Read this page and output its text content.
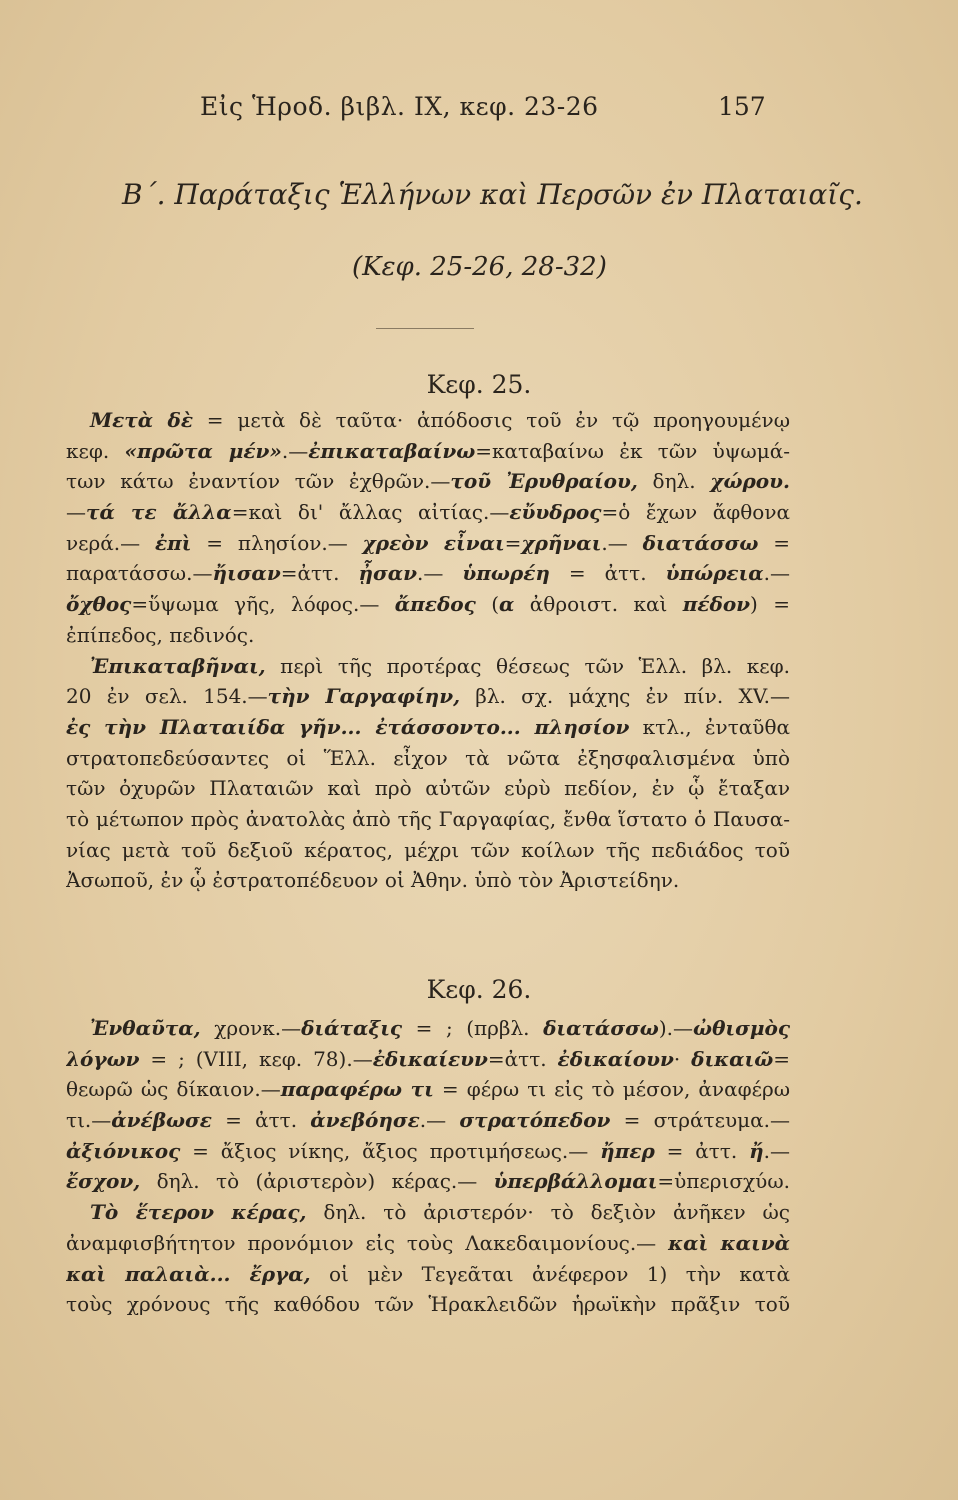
Εἰς Ἡροδ. βιβλ. IX, κεφ. 23-26	157
Β΄. Παράταξις Ἑλλήνων καὶ Περσῶν ἐν Πλαταιαῖς.
(Κεφ. 25-26, 28-32)
Κεφ. 25.
Μετὰ δὲ = μετὰ δὲ ταῦτα· ἀπόδοσις τοῦ ἐν τῷ προηγουμένῳ
κεφ. «πρῶτα μέν».—ἐπικαταβαίνω=καταβαίνω ἐκ τῶν ὑψωμά-
των κάτω ἐναντίον τῶν ἐχθρῶν.—τοῦ Ἐρυθραίου, δηλ. χώρου.
—τά τε ἄλλα=καὶ δι' ἄλλας αἰτίας.—εὔυδρος=ὁ ἔχων ἄφθονα
νερά.— ἐπὶ = πλησίον.— χρεὸν εἶναι=χρῆναι.— διατάσσω =
παρατάσσω.—ἤισαν=ἀττ. ᾖσαν.— ὑπωρέη = ἀττ. ὑπώρεια.—
ὄχθος=ὕψωμα γῆς, λόφος.— ἄπεδος (α ἀθροιστ. καὶ πέδον) =
ἐπίπεδος, πεδινός.
Ἐπικαταβῆναι, περὶ τῆς προτέρας θέσεως τῶν Ἑλλ. βλ. κεφ.
20 ἐν σελ. 154.—τὴν Γαργαφίην, βλ. σχ. μάχης ἐν πίν. XV.—
ἐς τὴν Πλαταιίδα γῆν... ἐτάσσοντο... πλησίον κτλ., ἐνταῦθα
στρατοπεδεύσαντες οἱ Ἕλλ. εἶχον τὰ νῶτα ἐξησφαλισμένα ὑπὸ
τῶν ὀχυρῶν Πλαταιῶν καὶ πρὸ αὐτῶν εὐρὺ πεδίον, ἐν ᾧ ἔταξαν
τὸ μέτωπον πρὸς ἀνατολὰς ἀπὸ τῆς Γαργαφίας, ἔνθα ἵστατο ὁ Παυσα-
νίας μετὰ τοῦ δεξιοῦ κέρατος, μέχρι τῶν κοίλων τῆς πεδιάδος τοῦ
Ἀσωποῦ, ἐν ᾧ ἐστρατοπέδευον οἱ Ἀθην. ὑπὸ τὸν Ἀριστείδην.
Κεφ. 26.
Ἐνθαῦτα, χρονκ.—διάταξις = ; (πρβλ. διατάσσω).—ὠθισμὸς
λόγων = ; (VIII, κεφ. 78).—ἐδικαίευν=ἀττ. ἐδικαίουν· δικαιῶ=
θεωρῶ ὡς δίκαιον.—παραφέρω τι = φέρω τι εἰς τὸ μέσον, ἀναφέρω
τι.—ἀνέβωσε = ἀττ. ἀνεβόησε.— στρατόπεδον = στράτευμα.—
ἀξιόνικος = ἄξιος νίκης, ἄξιος προτιμήσεως.— ἤπερ = ἀττ. ἤ.—
ἔσχον, δηλ. τὸ (ἀριστερὸν) κέρας.— ὑπερβάλλομαι=ὑπερισχύω.
Τὸ ἕτερον κέρας, δηλ. τὸ ἀριστερόν· τὸ δεξιὸν ἀνῆκεν ὡς
ἀναμφισβήτητον προνόμιον εἰς τοὺς Λακεδαιμονίους.— καὶ καινὰ
καὶ παλαιὰ... ἔργα, οἱ μὲν Τεγεᾶται ἀνέφερον 1) τὴν κατὰ
τοὺς χρόνους τῆς καθόδου τῶν Ἡρακλειδῶν ἡρωϊκὴν πρᾶξιν τοῦ
